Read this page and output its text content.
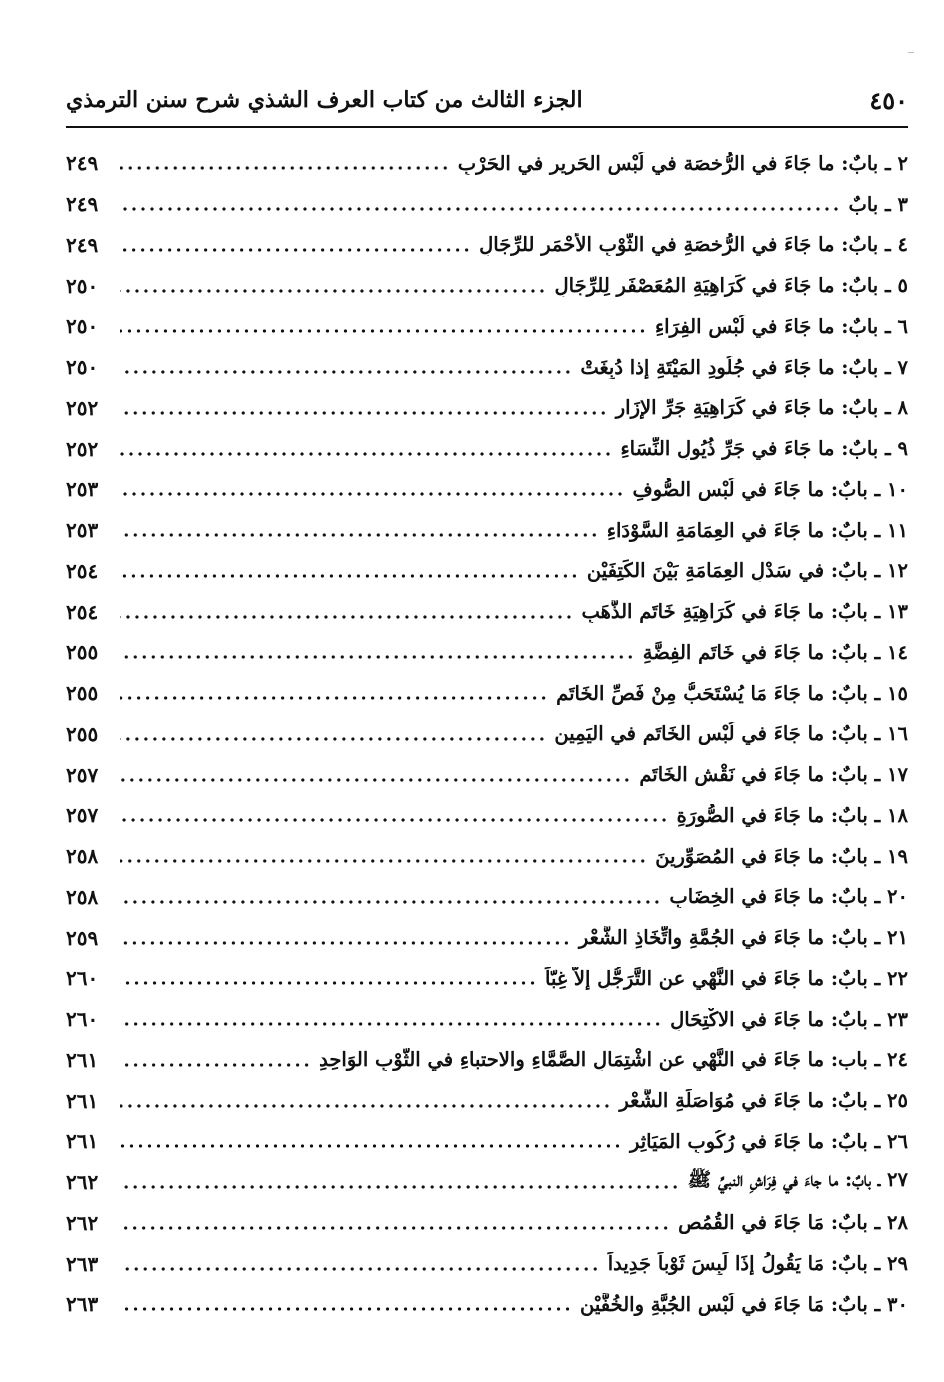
٤٥٠
الجزء الثالث من كتاب العرف الشذي شرح سنن الترمذي
٢ ـ بابٌ: ما جَاءَ في الرُّخصَة في لُبْسِ الحَرِيرِ في الحَرْبِ
٢٤٩
٣ ـ بابٌ
٢٤٩
٤ ـ بابٌ: ما جَاءَ في الرُّخصَةِ في الثَّوْبِ الأَحْمَرِ للرِّجَالِ
٢٤٩
٥ ـ بابٌ: ما جَاءَ في كَرَاهِيَةِ المُعَصْفَرِ لِلرِّجَالِ
٢٥٠
٦ ـ بابٌ: ما جَاءَ في لُبْسِ الفِرَاءِ
٢٥٠
٧ ـ بابٌ: ما جَاءَ في جُلُودِ المَيْتَةِ إذا دُبِغَتْ
٢٥٠
٨ ـ بابٌ: ما جَاءَ في كَرَاهِيَةِ جَرِّ الإزَارِ
٢٥٢
٩ ـ بابٌ: ما جَاءَ في جَرِّ ذُيُولِ النِّسَاءِ
٢٥٢
١٠ ـ بابٌ: ما جَاءَ في لُبْسِ الصُّوفِ
٢٥٣
١١ ـ بابٌ: ما جَاءَ في العِمَامَةِ السَّوْدَاءِ
٢٥٣
١٢ ـ بابٌ: في سَدْلِ العِمَامَةِ بَيْنَ الكَتِفَيْنِ
٢٥٤
١٣ ـ بابٌ: ما جَاءَ في كَرَاهِيَةِ خَاتَمِ الذَّهَبِ
٢٥٤
١٤ ـ بابٌ: ما جَاءَ في خَاتَمِ الفِضَّةِ
٢٥٥
١٥ ـ بابٌ: ما جَاءَ مَا يُسْتَحَبُّ مِنْ فَصِّ الخَاتَمِ
٢٥٥
١٦ ـ بابٌ: ما جَاءَ في لُبْسِ الخَاتَمِ في اليَمِينِ
٢٥٥
١٧ ـ بابٌ: ما جَاءَ في نَقْشِ الخَاتَمِ
٢٥٧
١٨ ـ بابٌ: ما جَاءَ في الصُّورَةِ
٢٥٧
١٩ ـ بابٌ: ما جَاءَ في المُصَوِّرِينَ
٢٥٨
٢٠ ـ بابٌ: ما جَاءَ في الخِضَابِ
٢٥٨
٢١ ـ بابٌ: ما جَاءَ في الجُمَّةِ واتِّخَاذِ الشَّعْرِ
٢٥٩
٢٢ ـ بابٌ: ما جَاءَ في النَّهْيِ عن التَّرَجُّلِ إلاَّ غِبّاً
٢٦٠
٢٣ ـ بابٌ: ما جَاءَ في الاكْتِحَالِ
٢٦٠
٢٤ ـ باب: ما جَاءَ في النَّهْيِ عن اشْتِمَالِ الصَّمَّاءِ والاحتباءِ في الثَّوْبِ الوَاحِدِ
٢٦١
٢٥ ـ بابٌ: ما جَاءَ في مُوَاصَلَةِ الشَّعْرِ
٢٦١
٢٦ ـ بابٌ: ما جَاءَ في رُكُوبِ المَيَاثِرِ
٢٦١
٢٧ ـ بابٌ: ما جاءَ في فِرَاشِ النبيِّ ﷺ
٢٦٢
٢٨ ـ بابٌ: مَا جَاءَ في القُمُصِ
٢٦٢
٢٩ ـ بابٌ: مَا يَقُولُ إذَا لَبِسَ ثَوْباً جَدِيداً
٢٦٣
٣٠ ـ بابٌ: مَا جَاءَ في لُبْسِ الجُبَّةِ والخُفَّيْنِ
٢٦٣
